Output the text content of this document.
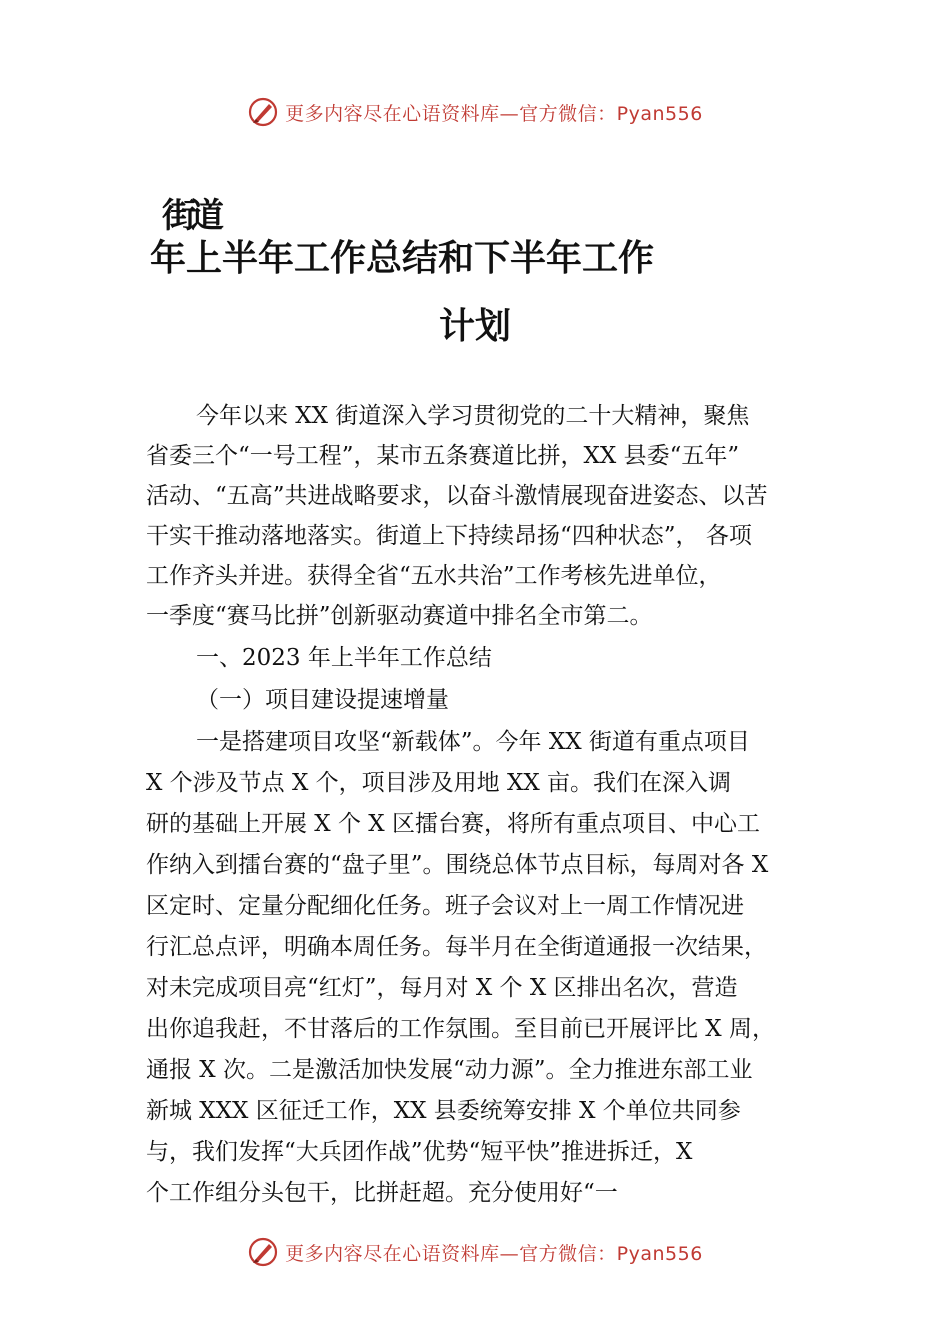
更多内容尽在心语资料库—官方微信：Pyan556
街道
年上半年工作总结和下半年工作
计划
今年以来 XX 街道深入学习贯彻党的二十大精神，聚焦
省委三个“一号工程”，某市五条赛道比拼，XX 县委“五年”
活动、“五高”共进战略要求，以奋斗激情展现奋进姿态、以苦
干实干推动落地落实。街道上下持续昂扬“四种状态”， 各项
工作齐头并进。获得全省“五水共治”工作考核先进单位，
一季度“赛马比拼”创新驱动赛道中排名全市第二。
一、2023 年上半年工作总结
（一）项目建设提速增量
一是搭建项目攻坚“新载体”。今年 XX 街道有重点项目
X 个涉及节点 X 个，项目涉及用地 XX 亩。我们在深入调
研的基础上开展 X 个 X 区擂台赛，将所有重点项目、中心工
作纳入到擂台赛的“盘子里”。围绕总体节点目标，每周对各 X
区定时、定量分配细化任务。班子会议对上一周工作情况进
行汇总点评，明确本周任务。每半月在全街道通报一次结果，
对未完成项目亮“红灯”，每月对 X 个 X 区排出名次，营造
出你追我赶，不甘落后的工作氛围。至目前已开展评比 X 周，
通报 X 次。二是激活加快发展“动力源”。全力推进东部工业
新城 XXX 区征迁工作，XX 县委统筹安排 X 个单位共同参
与，我们发挥“大兵团作战”优势“短平快”推进拆迁，X
个工作组分头包干，比拼赶超。充分使用好“一
更多内容尽在心语资料库—官方微信：Pyan556
